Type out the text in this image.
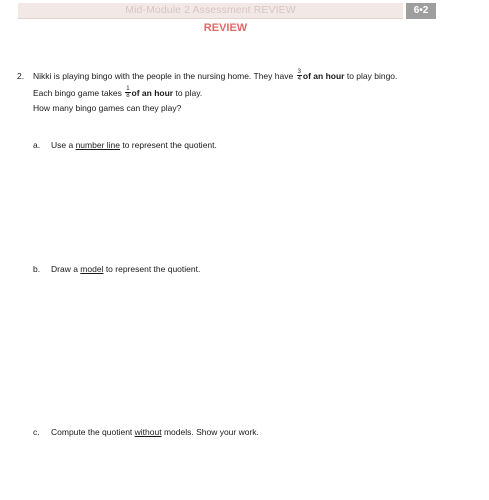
Mid-Module 2 Assessment REVIEW	6•2
REVIEW
2. Nikki is playing bingo with the people in the nursing home. They have $\frac{3}{4}$ of an hour to play bingo.
Each bingo game takes $\frac{1}{8}$ of an hour to play.
How many bingo games can they play?
a. Use a number line to represent the quotient.
b. Draw a model to represent the quotient.
c. Compute the quotient without models. Show your work.
